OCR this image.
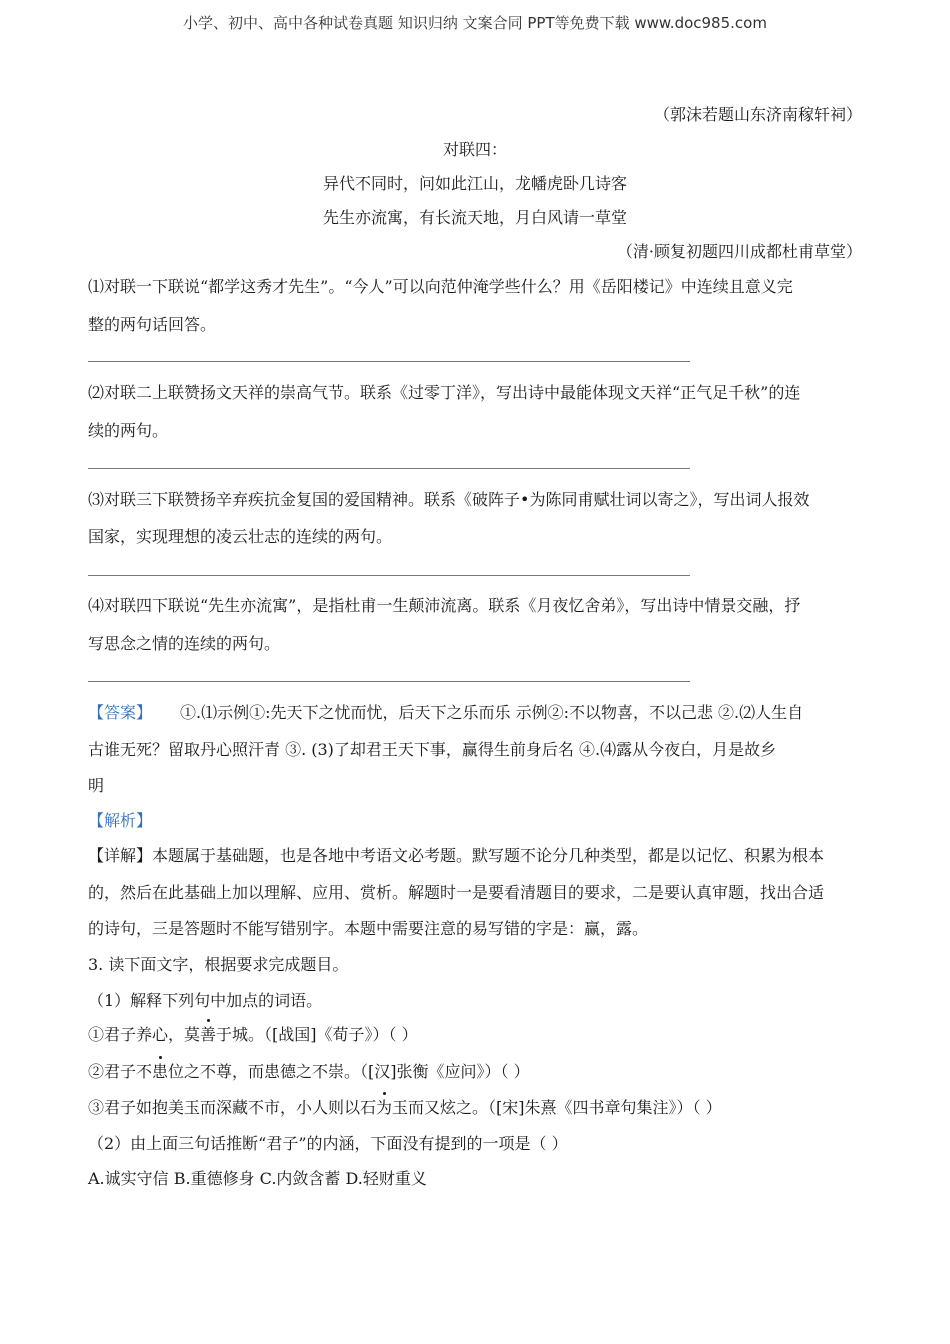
小学、初中、高中各种试卷真题 知识归纳 文案合同 PPT等免费下载 www.doc985.com
（郭沫若题山东济南稼轩祠）
对联四：
异代不同时，问如此江山，龙幡虎卧几诗客
先生亦流寓，有长流天地，月白风请一草堂
（清·顾复初题四川成都杜甫草堂）
⑴对联一下联说“都学这秀才先生”。“今人”可以向范仲淹学些什么？用《岳阳楼记》中连续且意义完
整的两句话回答。
⑵对联二上联赞扬文天祥的崇高气节。联系《过零丁洋》，写出诗中最能体现文天祥“正气足千秋”的连
续的两句。
⑶对联三下联赞扬辛弃疾抗金复国的爱国精神。联系《破阵子•为陈同甫赋壮词以寄之》，写出词人报效
国家，实现理想的凌云壮志的连续的两句。
⑷对联四下联说“先生亦流寓”，是指杜甫一生颠沛流离。联系《月夜忆舍弟》，写出诗中情景交融，抒
写思念之情的连续的两句。
【答案】 ①.⑴示例①:先天下之忧而忧，后天下之乐而乐 示例②:不以物喜，不以己悲 ②.⑵人生自
古谁无死？留取丹心照汗青 ③. (3)了却君王天下事，赢得生前身后名 ④.⑷露从今夜白，月是故乡
明
【解析】
【详解】本题属于基础题，也是各地中考语文必考题。默写题不论分几种类型，都是以记忆、积累为根本
的，然后在此基础上加以理解、应用、赏析。解题时一是要看清题目的要求，二是要认真审题，找出合适
的诗句，三是答题时不能写错别字。本题中需要注意的易写错的字是：赢，露。
3. 读下面文字，根据要求完成题目。
（1）解释下列句中加点的词语。
①君子养心，莫善于城。（[战国]《荀子》）（ ）
②君子不患位之不尊，而患德之不崇。（[汉]张衡《应问》）（ ）
③君子如抱美玉而深藏不市，小人则以石为玉而又炫之。（[宋]朱熹《四书章句集注》）（ ）
（2）由上面三句话推断“君子”的内涵，下面没有提到的一项是（ ）
A.诚实守信 B.重德修身 C.内敛含蓄 D.轻财重义
